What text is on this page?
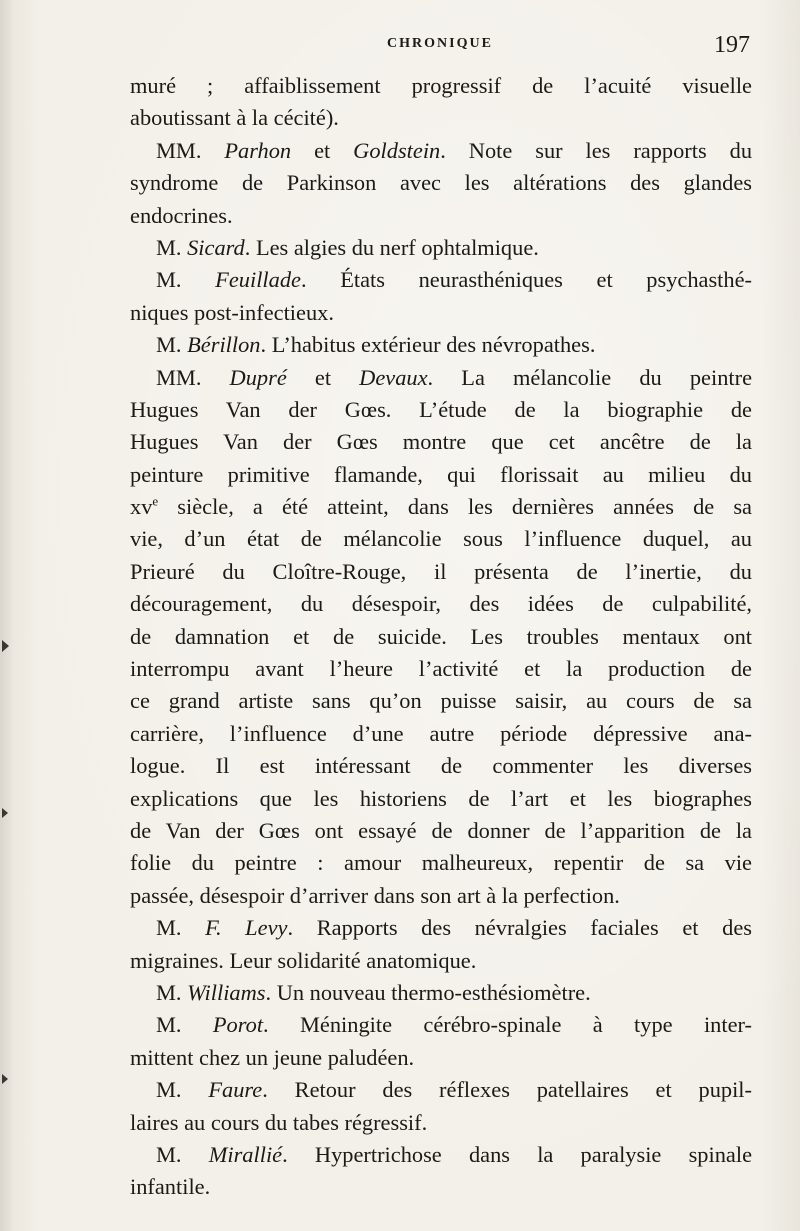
CHRONIQUE	197
muré ; affaiblissement progressif de l’acuité visuelle
aboutissant à la cécité).
MM. Parhon et Goldstein. Note sur les rapports du
syndrome de Parkinson avec les altérations des glandes
endocrines.
M. Sicard. Les algies du nerf ophtalmique.
M. Feuillade. États neurasthéniques et psychasthé-
niques post-infectieux.
M. Bérillon. L’habitus extérieur des névropathes.
MM. Dupré et Devaux. La mélancolie du peintre
Hugues Van der Gœs. L’étude de la biographie de
Hugues Van der Gœs montre que cet ancêtre de la
peinture primitive flamande, qui florissait au milieu du
$xv^e$ siècle, a été atteint, dans les dernières années de sa
vie, d’un état de mélancolie sous l’influence duquel, au
Prieuré du Cloître-Rouge, il présenta de l’inertie, du
découragement, du désespoir, des idées de culpabilité,
de damnation et de suicide. Les troubles mentaux ont
interrompu avant l’heure l’activité et la production de
ce grand artiste sans qu’on puisse saisir, au cours de sa
carrière, l’influence d’une autre période dépressive ana-
logue. Il est intéressant de commenter les diverses
explications que les historiens de l’art et les biographes
de Van der Gœs ont essayé de donner de l’apparition de la
folie du peintre : amour malheureux, repentir de sa vie
passée, désespoir d’arriver dans son art à la perfection.
M. F. Levy. Rapports des névralgies faciales et des
migraines. Leur solidarité anatomique.
M. Williams. Un nouveau thermo-esthésiomètre.
M. Porot. Méningite cérébro-spinale à type inter-
mittent chez un jeune paludéen.
M. Faure. Retour des réflexes patellaires et pupil-
laires au cours du tabes régressif.
M. Mirallié. Hypertrichose dans la paralysie spinale
infantile.
